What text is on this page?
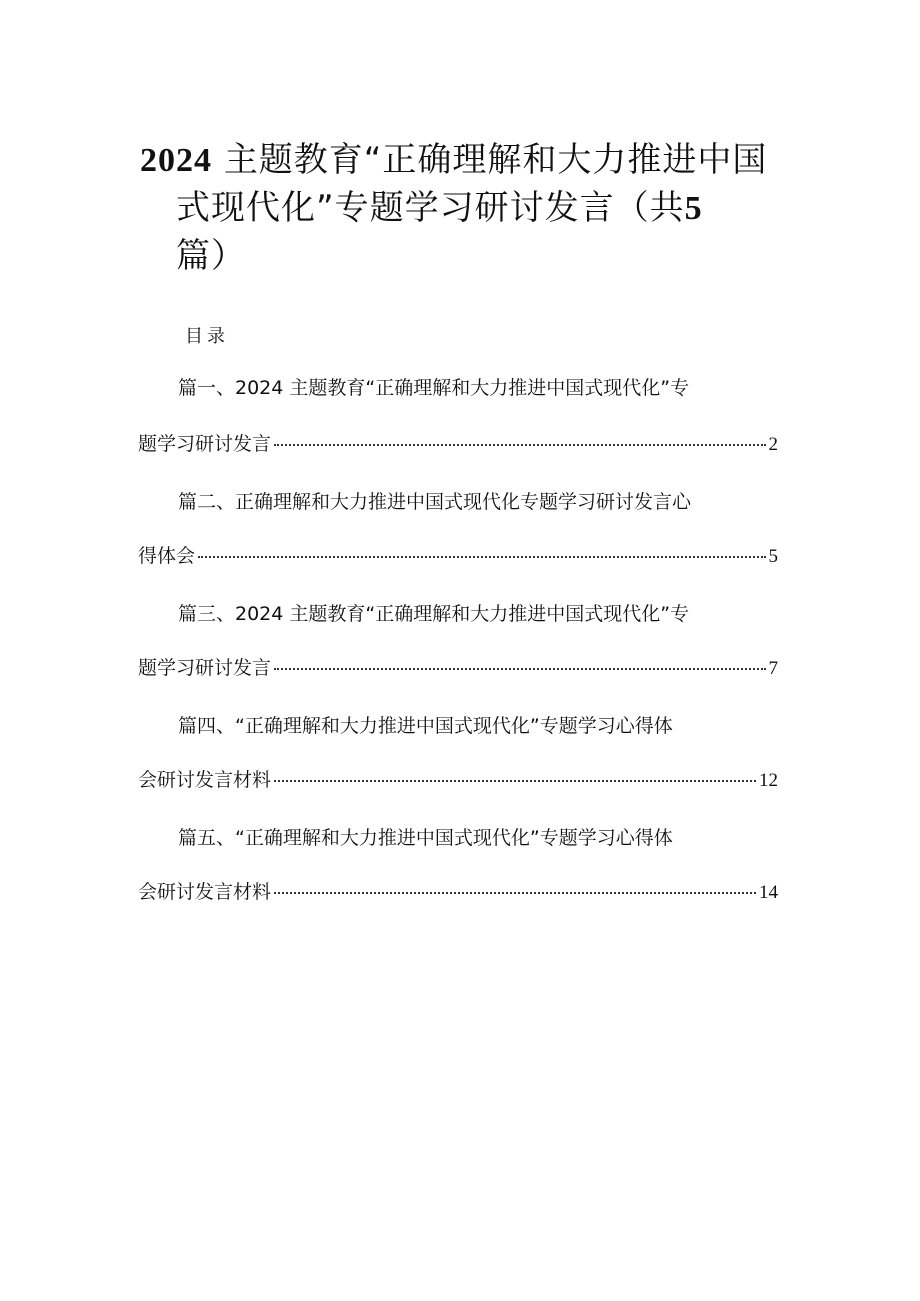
2024 主题教育“正确理解和大力推进中国
式现代化”专题学习研讨发言（共5
篇）
目录
篇一、2024 主题教育“正确理解和大力推进中国式现代化”专
题学习研讨发言	2
篇二、正确理解和大力推进中国式现代化专题学习研讨发言心
得体会	5
篇三、2024 主题教育“正确理解和大力推进中国式现代化”专
题学习研讨发言	7
篇四、“正确理解和大力推进中国式现代化”专题学习心得体
会研讨发言材料	12
篇五、“正确理解和大力推进中国式现代化”专题学习心得体
会研讨发言材料	14
